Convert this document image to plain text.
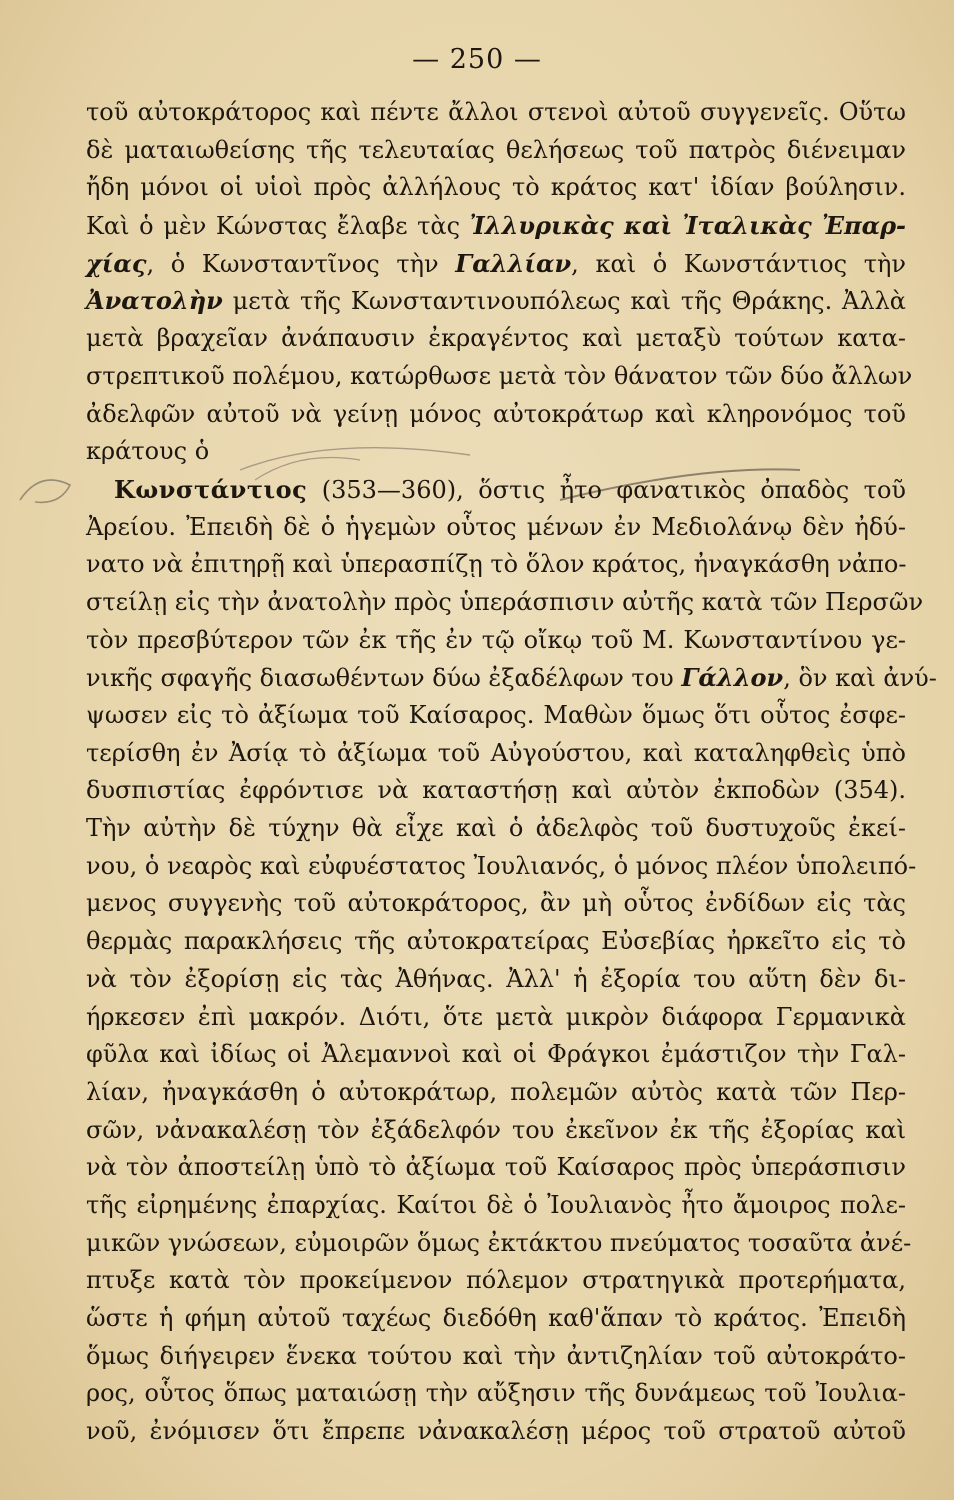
— 250 —
τοῦ αὐτοκράτορος καὶ πέντε ἄλλοι στενοὶ αὐτοῦ συγγενεῖς. Οὕτω
δὲ ματαιωθείσης τῆς τελευταίας θελήσεως τοῦ πατρὸς διένειμαν
ἤδη μόνοι οἱ υἱοὶ πρὸς ἀλλήλους τὸ κράτος κατ' ἰδίαν βούλησιν.
Καὶ ὁ μὲν Κώνστας ἔλαβε τὰς Ἰλλυρικὰς καὶ Ἰταλικὰς Ἐπαρ-
χίας, ὁ Κωνσταντῖνος τὴν Γαλλίαν, καὶ ὁ Κωνστάντιος τὴν
Ἀνατολὴν μετὰ τῆς Κωνσταντινουπόλεως καὶ τῆς Θράκης. Ἀλλὰ
μετὰ βραχεῖαν ἀνάπαυσιν ἐκραγέντος καὶ μεταξὺ τούτων κατα-
στρεπτικοῦ πολέμου, κατώρθωσε μετὰ τὸν θάνατον τῶν δύο ἄλλων
ἀδελφῶν αὐτοῦ νὰ γείνῃ μόνος αὐτοκράτωρ καὶ κληρονόμος τοῦ
κράτους ὁ
Κωνστάντιος (353—360), ὅστις ἦτο φανατικὸς ὀπαδὸς τοῦ
Ἀρείου. Ἐπειδὴ δὲ ὁ ἡγεμὼν οὗτος μένων ἐν Μεδιολάνῳ δὲν ἠδύ-
νατο νὰ ἐπιτηρῇ καὶ ὑπερασπίζῃ τὸ ὅλον κράτος, ἠναγκάσθη νἀπο-
στείλῃ εἰς τὴν ἀνατολὴν πρὸς ὑπεράσπισιν αὐτῆς κατὰ τῶν Περσῶν
τὸν πρεσβύτερον τῶν ἐκ τῆς ἐν τῷ οἴκῳ τοῦ Μ. Κωνσταντίνου γε-
νικῆς σφαγῆς διασωθέντων δύω ἐξαδέλφων του Γάλλον, ὃν καὶ ἀνύ-
ψωσεν εἰς τὸ ἀξίωμα τοῦ Καίσαρος. Μαθὼν ὅμως ὅτι οὗτος ἐσφε-
τερίσθη ἐν Ἀσίᾳ τὸ ἀξίωμα τοῦ Αὐγούστου, καὶ καταληφθεὶς ὑπὸ
δυσπιστίας ἐφρόντισε νὰ καταστήσῃ καὶ αὐτὸν ἐκποδὼν (354).
Τὴν αὐτὴν δὲ τύχην θὰ εἶχε καὶ ὁ ἀδελφὸς τοῦ δυστυχοῦς ἐκεί-
νου, ὁ νεαρὸς καὶ εὐφυέστατος Ἰουλιανός, ὁ μόνος πλέον ὑπολειπό-
μενος συγγενὴς τοῦ αὐτοκράτορος, ἂν μὴ οὗτος ἐνδίδων εἰς τὰς
θερμὰς παρακλήσεις τῆς αὐτοκρατείρας Εὐσεβίας ἠρκεῖτο εἰς τὸ
νὰ τὸν ἐξορίσῃ εἰς τὰς Ἀθήνας. Ἀλλ' ἡ ἐξορία του αὕτη δὲν δι-
ήρκεσεν ἐπὶ μακρόν. Διότι, ὅτε μετὰ μικρὸν διάφορα Γερμανικὰ
φῦλα καὶ ἰδίως οἱ Ἀλεμαννοὶ καὶ οἱ Φράγκοι ἐμάστιζον τὴν Γαλ-
λίαν, ἠναγκάσθη ὁ αὐτοκράτωρ, πολεμῶν αὐτὸς κατὰ τῶν Περ-
σῶν, νἀνακαλέσῃ τὸν ἐξάδελφόν του ἐκεῖνον ἐκ τῆς ἐξορίας καὶ
νὰ τὸν ἀποστείλῃ ὑπὸ τὸ ἀξίωμα τοῦ Καίσαρος πρὸς ὑπεράσπισιν
τῆς εἰρημένης ἐπαρχίας. Καίτοι δὲ ὁ Ἰουλιανὸς ἦτο ἄμοιρος πολε-
μικῶν γνώσεων, εὐμοιρῶν ὅμως ἐκτάκτου πνεύματος τοσαῦτα ἀνέ-
πτυξε κατὰ τὸν προκείμενον πόλεμον στρατηγικὰ προτερήματα,
ὥστε ἡ φήμη αὐτοῦ ταχέως διεδόθη καθ'ἅπαν τὸ κράτος. Ἐπειδὴ
ὅμως διήγειρεν ἕνεκα τούτου καὶ τὴν ἀντιζηλίαν τοῦ αὐτοκράτο-
ρος, οὗτος ὅπως ματαιώσῃ τὴν αὔξησιν τῆς δυνάμεως τοῦ Ἰουλια-
νοῦ, ἐνόμισεν ὅτι ἔπρεπε νἀνακαλέσῃ μέρος τοῦ στρατοῦ αὐτοῦ
